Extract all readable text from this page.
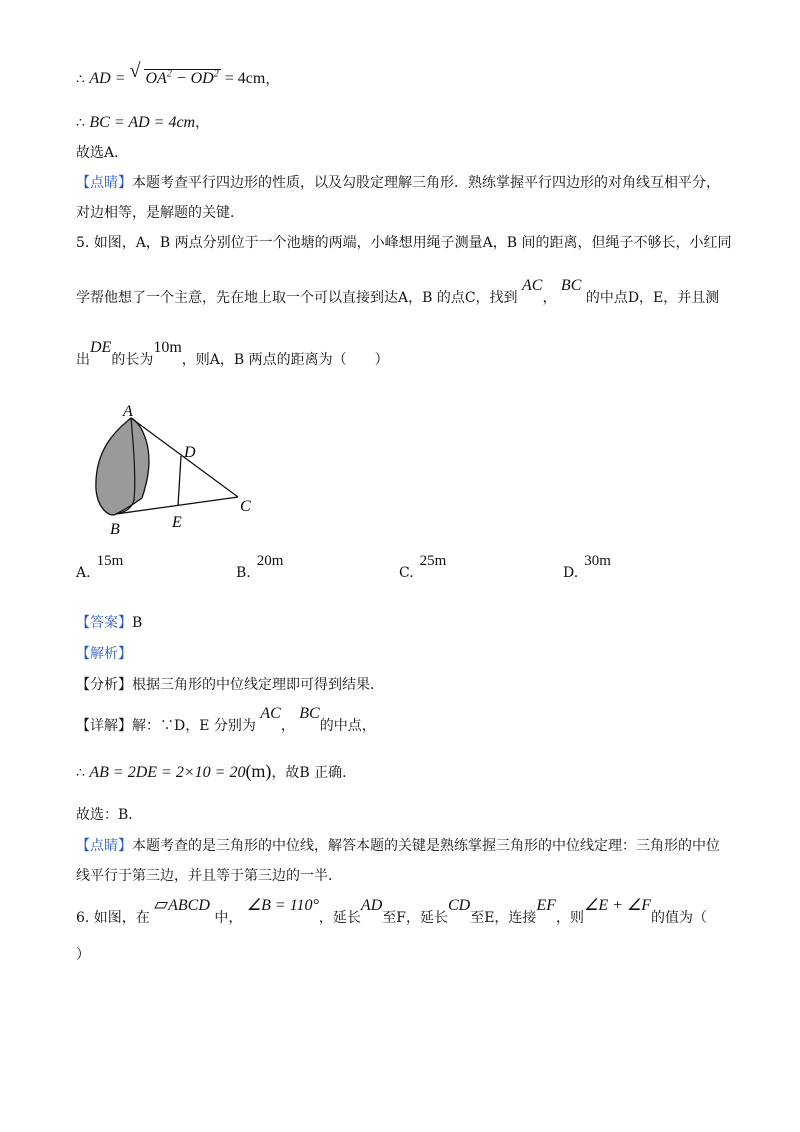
∴ AD = √ $OA^2 - OD^2 = 4cm$，
∴ BC = AD = 4cm，
故选A．
【点睛】本题考查平行四边形的性质，以及勾股定理解三角形．熟练掌握平行四边形的对角线互相平分，
对边相等，是解题的关键．
5. 如图，A，B 两点分别位于一个池塘的两端，小峰想用绳子测量A，B 间的距离，但绳子不够长，小红同
学帮他想了一个主意，先在地上取一个可以直接到达A，B 的点C，找到 AC， BC 的中点D，E，并且测
出DE的长为10m，则A，B 两点的距离为（　　）
A
B
C
D
E
A.15m
B.20m
C.25m
D.30m
【答案】B
【解析】
【分析】根据三角形的中位线定理即可得到结果．
【详解】解：∵D，E 分别为 AC， BC的中点，
∴ AB = 2DE = 2×10 = 20(m)，故B 正确．
故选：B．
【点睛】本题考查的是三角形的中位线，解答本题的关键是熟练掌握三角形的中位线定理：三角形的中位
线平行于第三边，并且等于第三边的一半．
6. 如图，在 ▱ABCD 中， ∠B = 110°，延长AD至F，延长CD至E，连接EF，则∠E + ∠F的值为（
）
